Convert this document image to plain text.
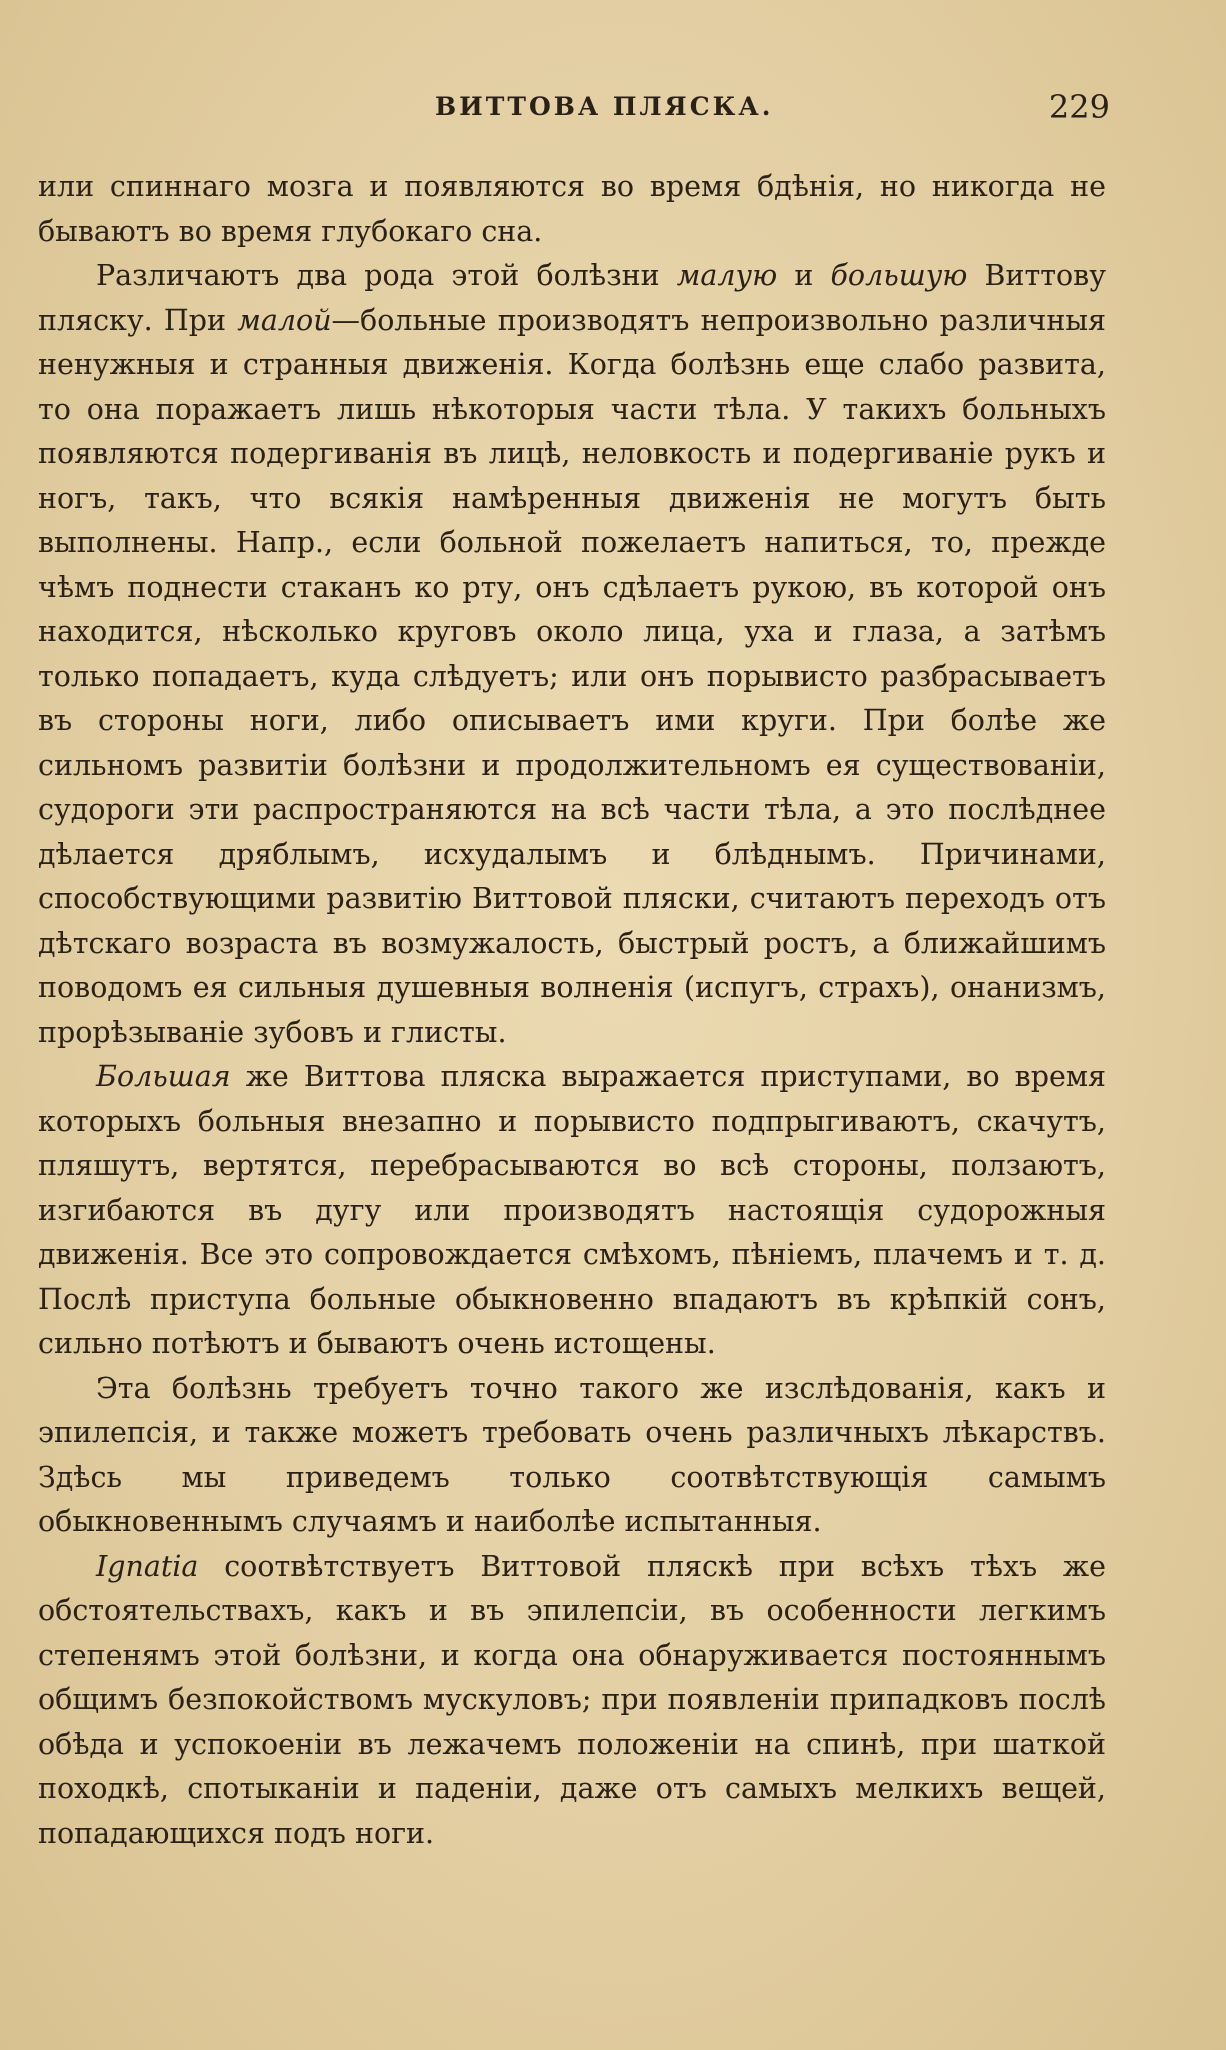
ВИТТОВА ПЛЯСКА.	229

или спиннаго мозга и появляются во время бдѣнія, но никогда не бываютъ во время глубокаго сна.

Различаютъ два рода этой болѣзни малую и большую Виттову пляску. При малой—больные производятъ непроизвольно различныя ненужныя и странныя движенія. Когда болѣзнь еще слабо развита, то она поражаетъ лишь нѣкоторыя части тѣла. У такихъ больныхъ появляются подергиванія въ лицѣ, неловкость и подергиваніе рукъ и ногъ, такъ, что всякія намѣренныя движенія не могутъ быть выполнены. Напр., если больной пожелаетъ напиться, то, прежде чѣмъ поднести стаканъ ко рту, онъ сдѣлаетъ рукою, въ которой онъ находится, нѣсколько круговъ около лица, уха и глаза, а затѣмъ только попадаетъ, куда слѣдуетъ; или онъ порывисто разбрасываетъ въ стороны ноги, либо описываетъ ими круги. При болѣе же сильномъ развитіи болѣзни и продолжительномъ ея существованіи, судороги эти распространяются на всѣ части тѣла, а это послѣднее дѣлается дряблымъ, исхудалымъ и блѣднымъ. Причинами, способствующими развитію Виттовой пляски, считаютъ переходъ отъ дѣтскаго возраста въ возмужалость, быстрый ростъ, а ближайшимъ поводомъ ея сильныя душевныя волненія (испугъ, страхъ), онанизмъ, прорѣзываніе зубовъ и глисты.

Большая же Виттова пляска выражается приступами, во время которыхъ больныя внезапно и порывисто подпрыгиваютъ, скачутъ, пляшутъ, вертятся, перебрасываются во всѣ стороны, ползаютъ, изгибаются въ дугу или производятъ настоящія судорожныя движенія. Все это сопровождается смѣхомъ, пѣніемъ, плачемъ и т. д. Послѣ приступа больные обыкновенно впадаютъ въ крѣпкій сонъ, сильно потѣютъ и бываютъ очень истощены.

Эта болѣзнь требуетъ точно такого же изслѣдованія, какъ и эпилепсія, и также можетъ требовать очень различныхъ лѣкарствъ. Здѣсь мы приведемъ только соотвѣтствующія самымъ обыкновеннымъ случаямъ и наиболѣе испытанныя.

Ignatia соотвѣтствуетъ Виттовой пляскѣ при всѣхъ тѣхъ же обстоятельствахъ, какъ и въ эпилепсіи, въ особенности легкимъ степенямъ этой болѣзни, и когда она обнаруживается постояннымъ общимъ безпокойствомъ мускуловъ; при появленіи припадковъ послѣ обѣда и успокоеніи въ лежачемъ положеніи на спинѣ, при шаткой походкѣ, спотыканіи и паденіи, даже отъ самыхъ мелкихъ вещей, попадающихся подъ ноги.
